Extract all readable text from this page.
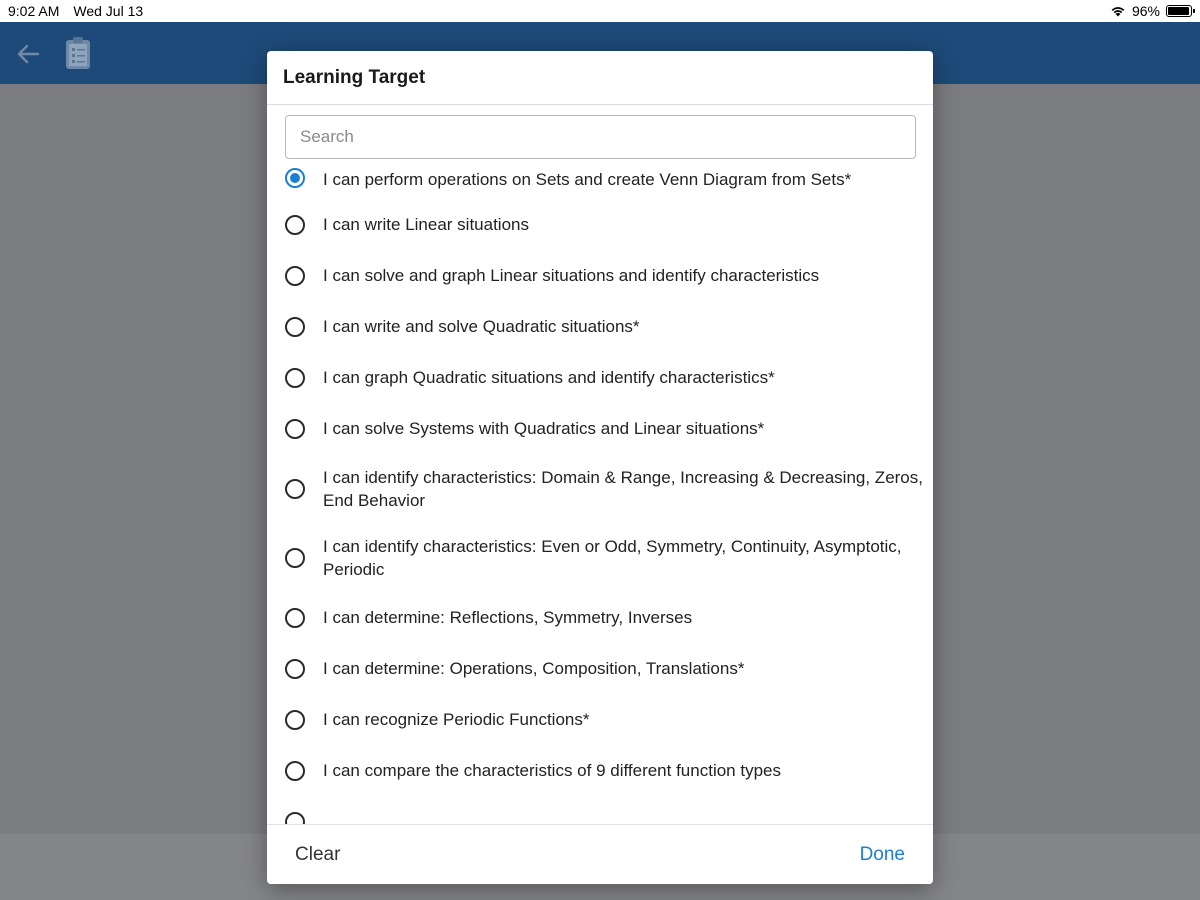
9:02 AM Wed Jul 13	96%
Learning Target
Search
I can perform operations on Sets and create Venn Diagram from Sets*
I can write Linear situations
I can solve and graph Linear situations and identify characteristics
I can write and solve Quadratic situations*
I can graph Quadratic situations and identify characteristics*
I can solve Systems with Quadratics and Linear situations*
I can identify characteristics: Domain & Range, Increasing & Decreasing, Zeros, End Behavior
I can identify characteristics: Even or Odd, Symmetry, Continuity, Asymptotic, Periodic
I can determine: Reflections, Symmetry, Inverses
I can determine: Operations, Composition, Translations*
I can recognize Periodic Functions*
I can compare the characteristics of 9 different function types
Clear	Done
